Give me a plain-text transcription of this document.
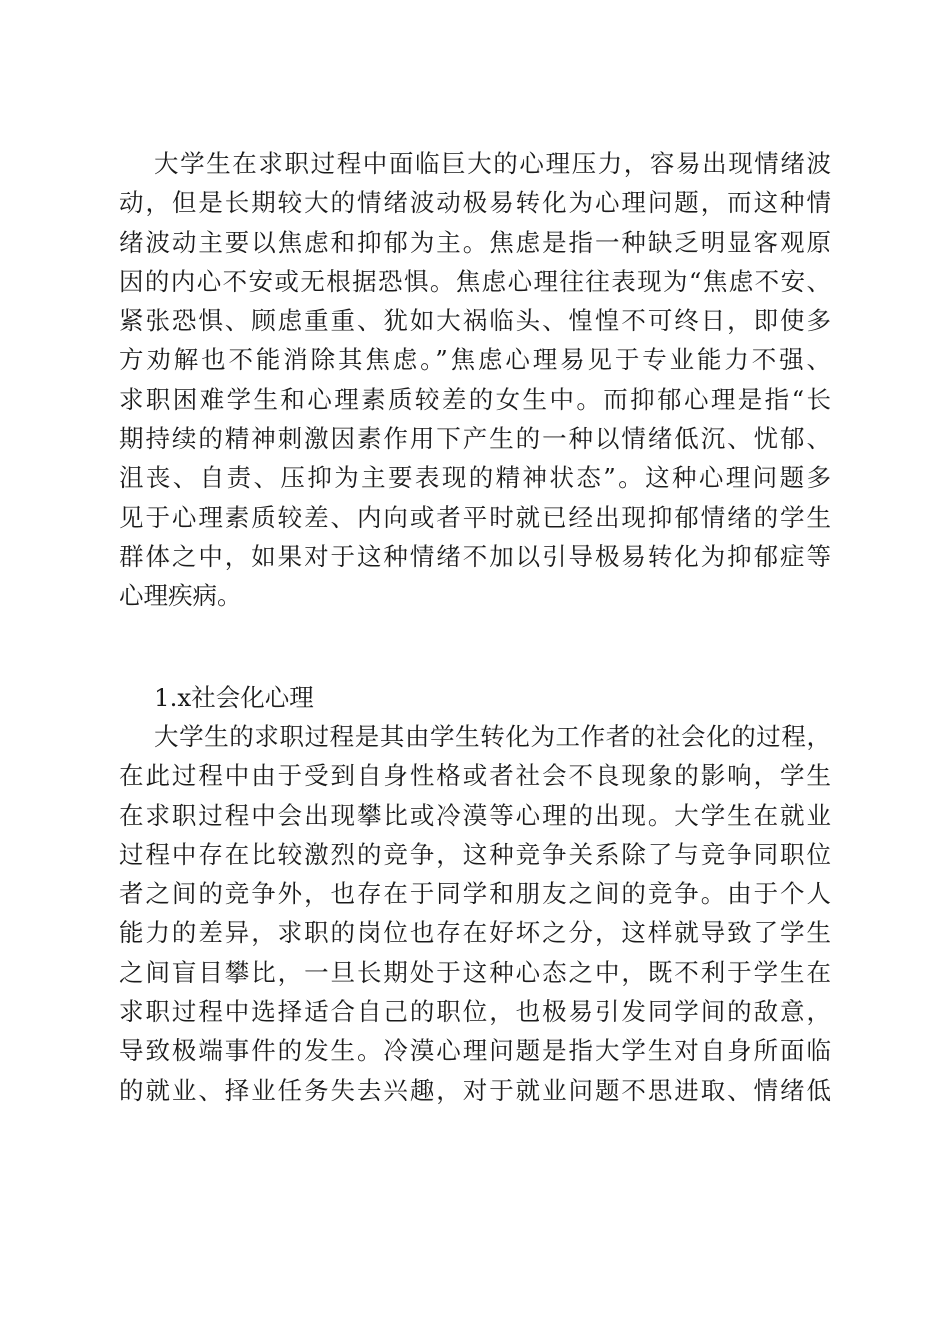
大学生在求职过程中面临巨大的心理压力，容易出现情绪波
动，但是长期较大的情绪波动极易转化为心理问题，而这种情
绪波动主要以焦虑和抑郁为主。焦虑是指一种缺乏明显客观原
因的内心不安或无根据恐惧。焦虑心理往往表现为“焦虑不安、
紧张恐惧、顾虑重重、犹如大祸临头、惶惶不可终日，即使多
方劝解也不能消除其焦虑。”焦虑心理易见于专业能力不强、
求职困难学生和心理素质较差的女生中。而抑郁心理是指“长
期持续的精神刺激因素作用下产生的一种以情绪低沉、忧郁、
沮丧、自责、压抑为主要表现的精神状态”。这种心理问题多
见于心理素质较差、内向或者平时就已经出现抑郁情绪的学生
群体之中，如果对于这种情绪不加以引导极易转化为抑郁症等
心理疾病。
1.x社会化心理
大学生的求职过程是其由学生转化为工作者的社会化的过程，
在此过程中由于受到自身性格或者社会不良现象的影响，学生
在求职过程中会出现攀比或冷漠等心理的出现。大学生在就业
过程中存在比较激烈的竞争，这种竞争关系除了与竞争同职位
者之间的竞争外，也存在于同学和朋友之间的竞争。由于个人
能力的差异，求职的岗位也存在好坏之分，这样就导致了学生
之间盲目攀比，一旦长期处于这种心态之中，既不利于学生在
求职过程中选择适合自己的职位，也极易引发同学间的敌意，
导致极端事件的发生。冷漠心理问题是指大学生对自身所面临
的就业、择业任务失去兴趣，对于就业问题不思进取、情绪低
